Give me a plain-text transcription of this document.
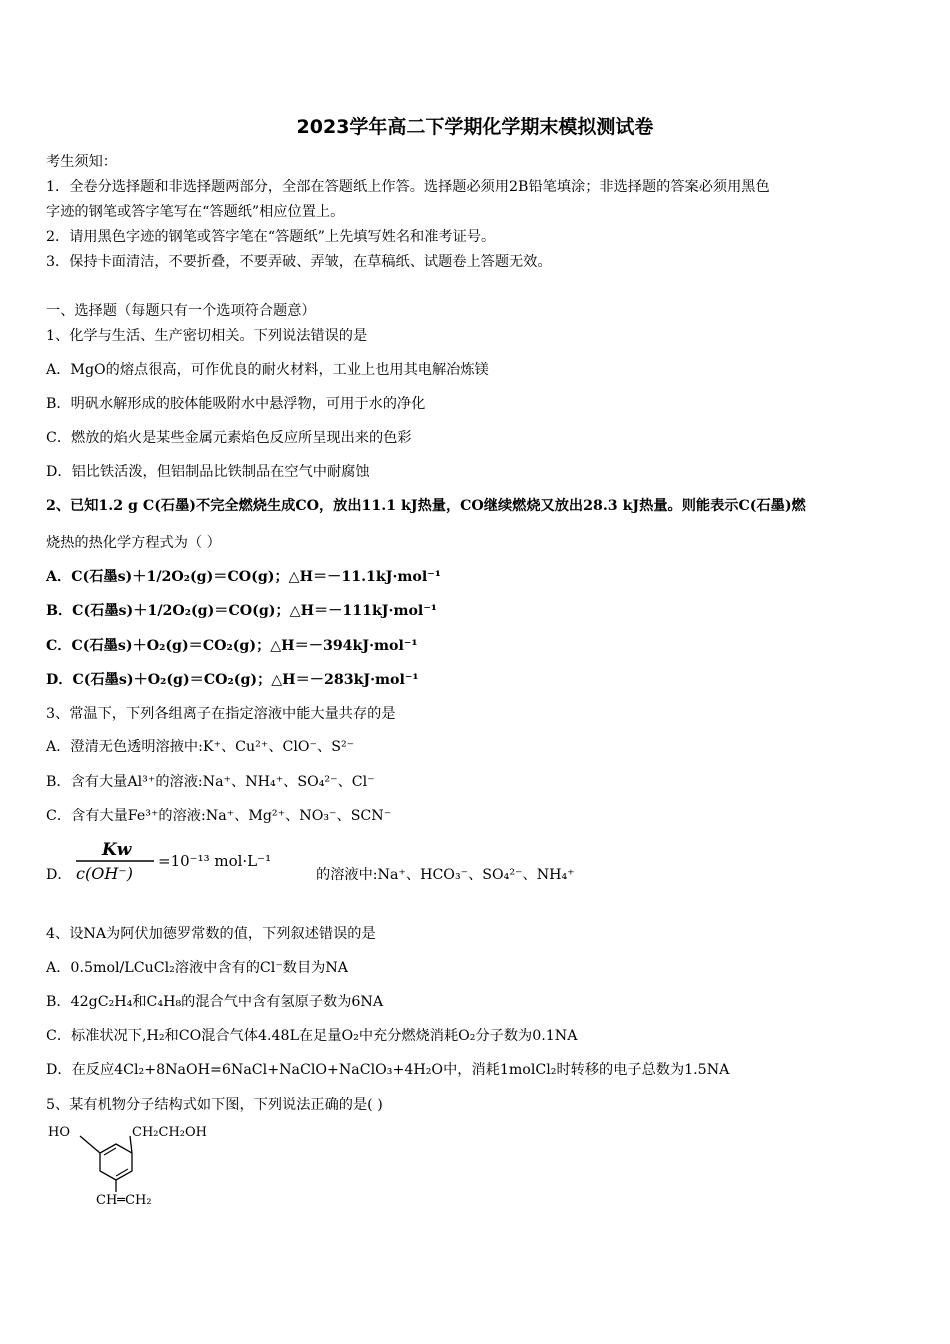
2023学年高二下学期化学期末模拟测试卷
考生须知：
1．全卷分选择题和非选择题两部分，全部在答题纸上作答。选择题必须用2B铅笔填涂；非选择题的答案必须用黑色
字迹的钢笔或答字笔写在“答题纸”相应位置上。
2．请用黑色字迹的钢笔或答字笔在“答题纸”上先填写姓名和准考证号。
3．保持卡面清洁，不要折叠，不要弄破、弄皱，在草稿纸、试题卷上答题无效。
一、选择题（每题只有一个选项符合题意）
1、化学与生活、生产密切相关。下列说法错误的是
A．MgO的熔点很高，可作优良的耐火材料，工业上也用其电解冶炼镁
B．明矾水解形成的胶体能吸附水中悬浮物，可用于水的净化
C．燃放的焰火是某些金属元素焰色反应所呈现出来的色彩
D．铝比铁活泼，但铝制品比铁制品在空气中耐腐蚀
2、已知1.2 g C(石墨)不完全燃烧生成CO，放出11.1 kJ热量，CO继续燃烧又放出28.3 kJ热量。则能表示C(石墨)燃
烧热的热化学方程式为（ ）
A．C(石墨s)＋1/2O₂(g)＝CO(g)；△H＝－11.1kJ·mol⁻¹
B．C(石墨s)＋1/2O₂(g)＝CO(g)；△H＝－111kJ·mol⁻¹
C．C(石墨s)＋O₂(g)＝CO₂(g)；△H＝－394kJ·mol⁻¹
D．C(石墨s)＋O₂(g)＝CO₂(g)；△H＝－283kJ·mol⁻¹
3、常温下，下列各组离子在指定溶液中能大量共存的是
A．澄清无色透明溶掖中:K⁺、Cu²⁺、ClO⁻、S²⁻
B．含有大量Al³⁺的溶液:Na⁺、NH₄⁺、SO₄²⁻、Cl⁻
C．含有大量Fe³⁺的溶液:Na⁺、Mg²⁺、NO₃⁻、SCN⁻
D．
Kw
c(OH⁻)
=10⁻¹³ mol·L⁻¹
的溶液中:Na⁺、HCO₃⁻、SO₄²⁻、NH₄⁺
4、设NA为阿伏加德罗常数的值，下列叙述错误的是
A．0.5mol/LCuCl₂溶液中含有的Cl⁻数目为NA
B．42gC₂H₄和C₄H₈的混合气中含有氢原子数为6NA
C．标准状况下,H₂和CO混合气体4.48L在足量O₂中充分燃烧消耗O₂分子数为0.1NA
D．在反应4Cl₂+8NaOH=6NaCl+NaClO+NaClO₃+4H₂O中，消耗1molCl₂时转移的电子总数为1.5NA
5、某有机物分子结构式如下图，下列说法正确的是( )
HO	CH₂CH₂OH
CH═CH₂
